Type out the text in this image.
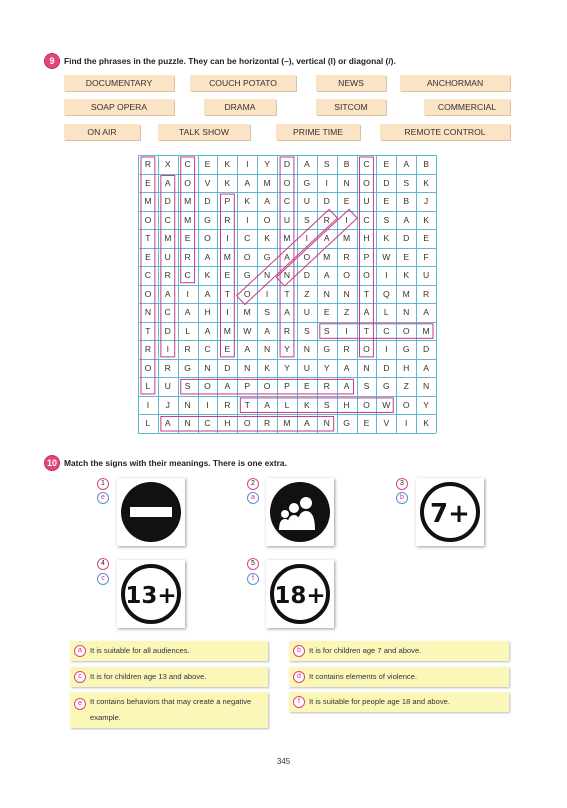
9	Find the phrases in the puzzle. They can be horizontal (–), vertical (l) or diagonal (/).
DOCUMENTARY	COUCH POTATO	NEWS	ANCHORMAN
SOAP OPERA	DRAMA	SITCOM	COMMERCIAL
ON AIR	TALK SHOW	PRIME TIME	REMOTE CONTROL
R	X	C	E	K	I	Y	D	A	S	B	C	E	A	B
E	A	O	V	K	A	M	O	G	I	N	O	D	S	K
M	D	M	D	P	K	A	C	U	D	E	U	E	B	J
O	C	M	G	R	I	O	U	S	R	I	C	S	A	K
T	M	E	O	I	C	K	M	I	A	M	H	K	D	E
E	U	R	A	M	O	G	A	O	M	R	P	W	E	F
C	R	C	K	E	G	N	N	D	A	O	O	I	K	U
O	A	I	A	T	O	I	T	Z	N	N	T	Q	M	R
N	C	A	H	I	M	S	A	U	E	Z	A	L	N	A
T	D	L	A	M	W	A	R	S	S	I	T	C	O	M
R	I	R	C	E	A	N	Y	N	G	R	O	I	G	D
O	R	G	N	D	N	K	Y	U	Y	A	N	D	H	A
L	U	S	O	A	P	O	P	E	R	A	S	G	Z	N
I	J	N	I	R	T	A	L	K	S	H	O	W	O	Y
L	A	N	C	H	O	R	M	A	N	G	E	V	I	K
10 Match the signs with their meanings. There is one extra.
1
e
2
a
3
b
7+
4
c
13+
5
f
18+
a	It is suitable for all audiences.	b	It is for children age 7 and above.
c	It is for children age 13 and above.	d	It contains elements of violence.
e	It contains behaviors that may create a negative example.
f	It is suitable for people age 18 and above.
345
